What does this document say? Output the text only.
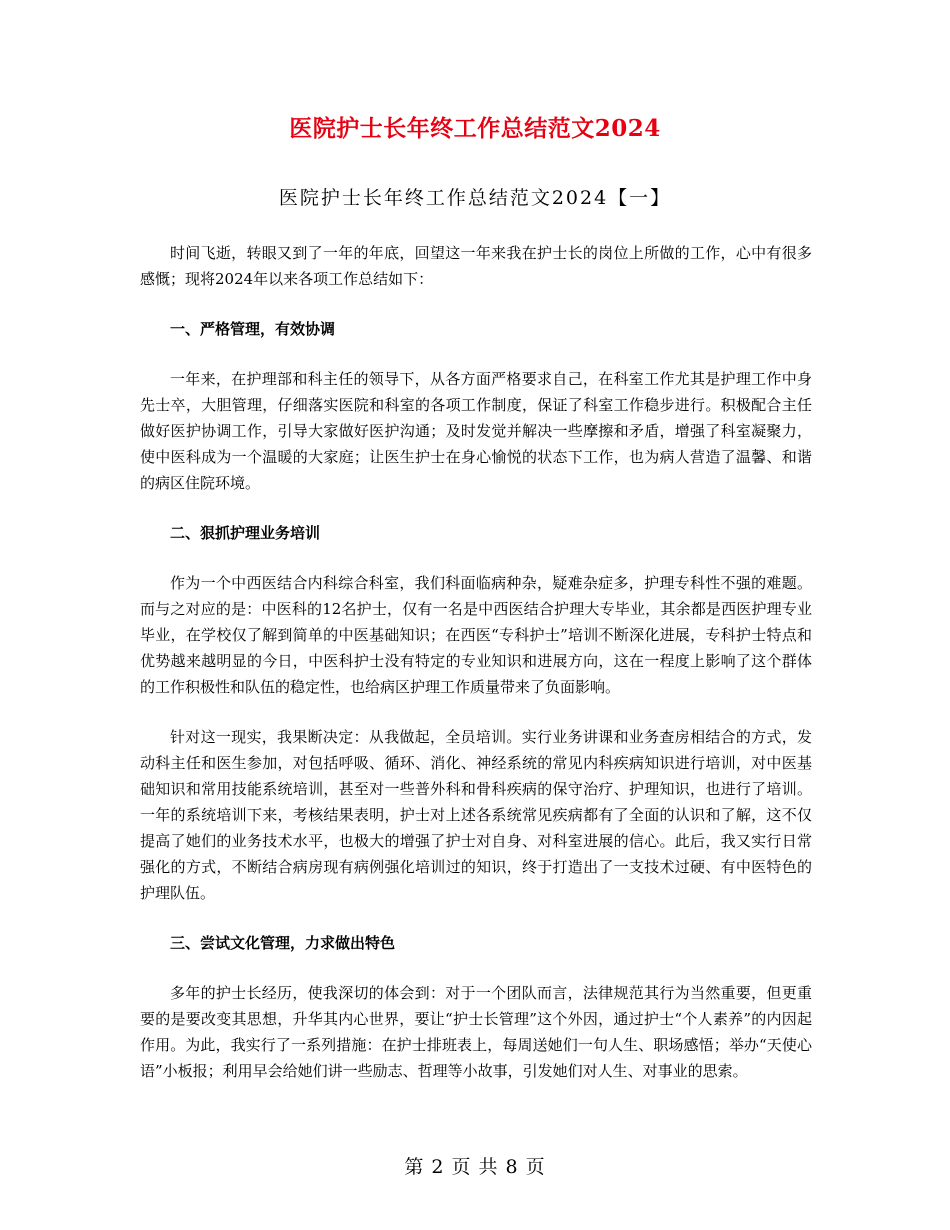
医院护士长年终工作总结范文2024
医院护士长年终工作总结范文2024【一】

时间飞逝，转眼又到了一年的年底，回望这一年来我在护士长的岗位上所做的工作，心中有很多感慨；现将2024年以来各项工作总结如下：

一、严格管理，有效协调

一年来，在护理部和科主任的领导下，从各方面严格要求自己，在科室工作尤其是护理工作中身先士卒，大胆管理，仔细落实医院和科室的各项工作制度，保证了科室工作稳步进行。积极配合主任做好医护协调工作，引导大家做好医护沟通；及时发觉并解决一些摩擦和矛盾，增强了科室凝聚力，使中医科成为一个温暖的大家庭；让医生护士在身心愉悦的状态下工作，也为病人营造了温馨、和谐的病区住院环境。

二、狠抓护理业务培训

作为一个中西医结合内科综合科室，我们科面临病种杂，疑难杂症多，护理专科性不强的难题。而与之对应的是：中医科的12名护士，仅有一名是中西医结合护理大专毕业，其余都是西医护理专业毕业，在学校仅了解到简单的中医基础知识；在西医“专科护士”培训不断深化进展，专科护士特点和优势越来越明显的今日，中医科护士没有特定的专业知识和进展方向，这在一程度上影响了这个群体的工作积极性和队伍的稳定性，也给病区护理工作质量带来了负面影响。

针对这一现实，我果断决定：从我做起，全员培训。实行业务讲课和业务查房相结合的方式，发动科主任和医生参加，对包括呼吸、循环、消化、神经系统的常见内科疾病知识进行培训，对中医基础知识和常用技能系统培训，甚至对一些普外科和骨科疾病的保守治疗、护理知识，也进行了培训。一年的系统培训下来，考核结果表明，护士对上述各系统常见疾病都有了全面的认识和了解，这不仅提高了她们的业务技术水平，也极大的增强了护士对自身、对科室进展的信心。此后，我又实行日常强化的方式，不断结合病房现有病例强化培训过的知识，终于打造出了一支技术过硬、有中医特色的护理队伍。

三、尝试文化管理，力求做出特色

多年的护士长经历，使我深切的体会到：对于一个团队而言，法律规范其行为当然重要，但更重要的是要改变其思想，升华其内心世界，要让“护士长管理”这个外因，通过护士“个人素养”的内因起作用。为此，我实行了一系列措施：在护士排班表上，每周送她们一句人生、职场感悟；举办“天使心语”小板报；利用早会给她们讲一些励志、哲理等小故事，引发她们对人生、对事业的思索。

第 2 页 共 8 页
